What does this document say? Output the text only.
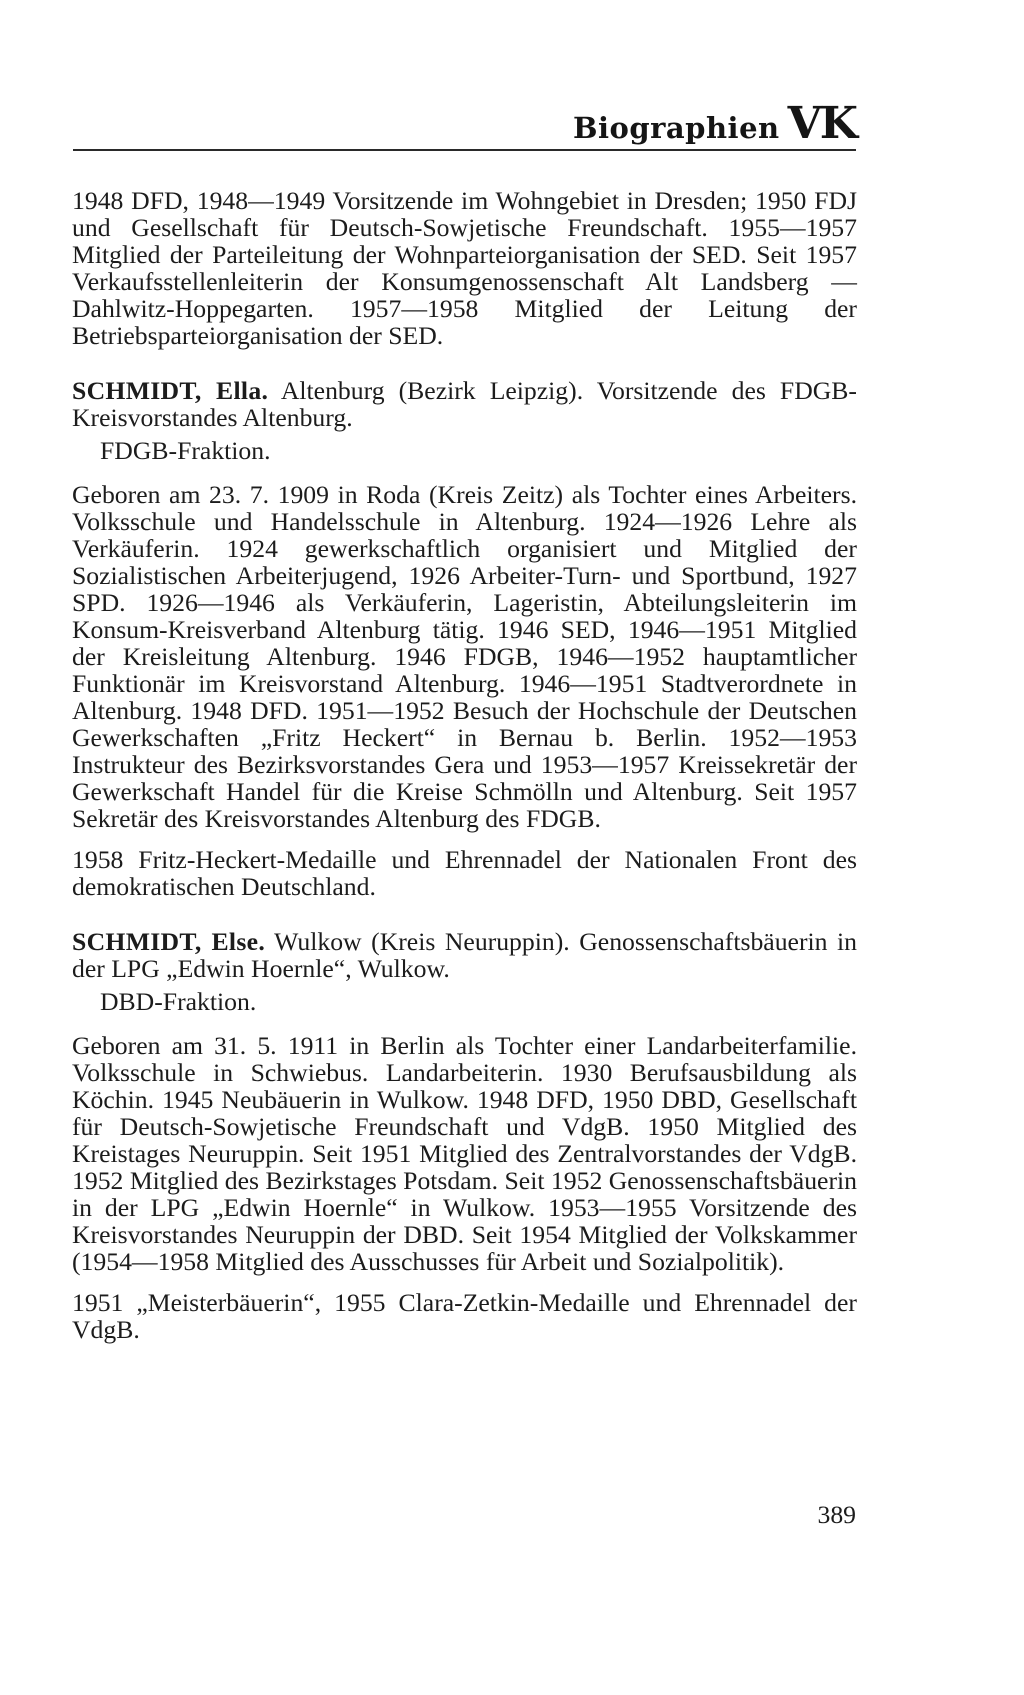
Biographien VK

1948 DFD, 1948—1949 Vorsitzende im Wohngebiet in Dresden; 1950 FDJ und Gesellschaft für Deutsch-Sowjetische Freundschaft. 1955—1957 Mitglied der Parteileitung der Wohnparteiorganisation der SED. Seit 1957 Verkaufsstellenleiterin der Konsumgenossenschaft Alt Landsberg — Dahlwitz-Hoppegarten. 1957—1958 Mitglied der Leitung der Betriebsparteiorganisation der SED.

SCHMIDT, Ella. Altenburg (Bezirk Leipzig). Vorsitzende des FDGB-Kreisvorstandes Altenburg.

FDGB-Fraktion.

Geboren am 23. 7. 1909 in Roda (Kreis Zeitz) als Tochter eines Arbeiters. Volksschule und Handelsschule in Altenburg. 1924—1926 Lehre als Verkäuferin. 1924 gewerkschaftlich organisiert und Mitglied der Sozialistischen Arbeiterjugend, 1926 Arbeiter-Turn- und Sportbund, 1927 SPD. 1926—1946 als Verkäuferin, Lageristin, Abteilungsleiterin im Konsum-Kreisverband Altenburg tätig. 1946 SED, 1946—1951 Mitglied der Kreisleitung Altenburg. 1946 FDGB, 1946—1952 hauptamtlicher Funktionär im Kreisvorstand Altenburg. 1946—1951 Stadtverordnete in Altenburg. 1948 DFD. 1951—1952 Besuch der Hochschule der Deutschen Gewerkschaften „Fritz Heckert“ in Bernau b. Berlin. 1952—1953 Instrukteur des Bezirksvorstandes Gera und 1953—1957 Kreissekretär der Gewerkschaft Handel für die Kreise Schmölln und Altenburg. Seit 1957 Sekretär des Kreisvorstandes Altenburg des FDGB.

1958 Fritz-Heckert-Medaille und Ehrennadel der Nationalen Front des demokratischen Deutschland.

SCHMIDT, Else. Wulkow (Kreis Neuruppin). Genossenschaftsbäuerin in der LPG „Edwin Hoernle“, Wulkow.

DBD-Fraktion.

Geboren am 31. 5. 1911 in Berlin als Tochter einer Landarbeiterfamilie. Volksschule in Schwiebus. Landarbeiterin. 1930 Berufsausbildung als Köchin. 1945 Neubäuerin in Wulkow. 1948 DFD, 1950 DBD, Gesellschaft für Deutsch-Sowjetische Freundschaft und VdgB. 1950 Mitglied des Kreistages Neuruppin. Seit 1951 Mitglied des Zentralvorstandes der VdgB. 1952 Mitglied des Bezirkstages Potsdam. Seit 1952 Genossenschaftsbäuerin in der LPG „Edwin Hoernle“ in Wulkow. 1953—1955 Vorsitzende des Kreisvorstandes Neuruppin der DBD. Seit 1954 Mitglied der Volkskammer (1954—1958 Mitglied des Ausschusses für Arbeit und Sozialpolitik).

1951 „Meisterbäuerin“, 1955 Clara-Zetkin-Medaille und Ehrennadel der VdgB.

389
